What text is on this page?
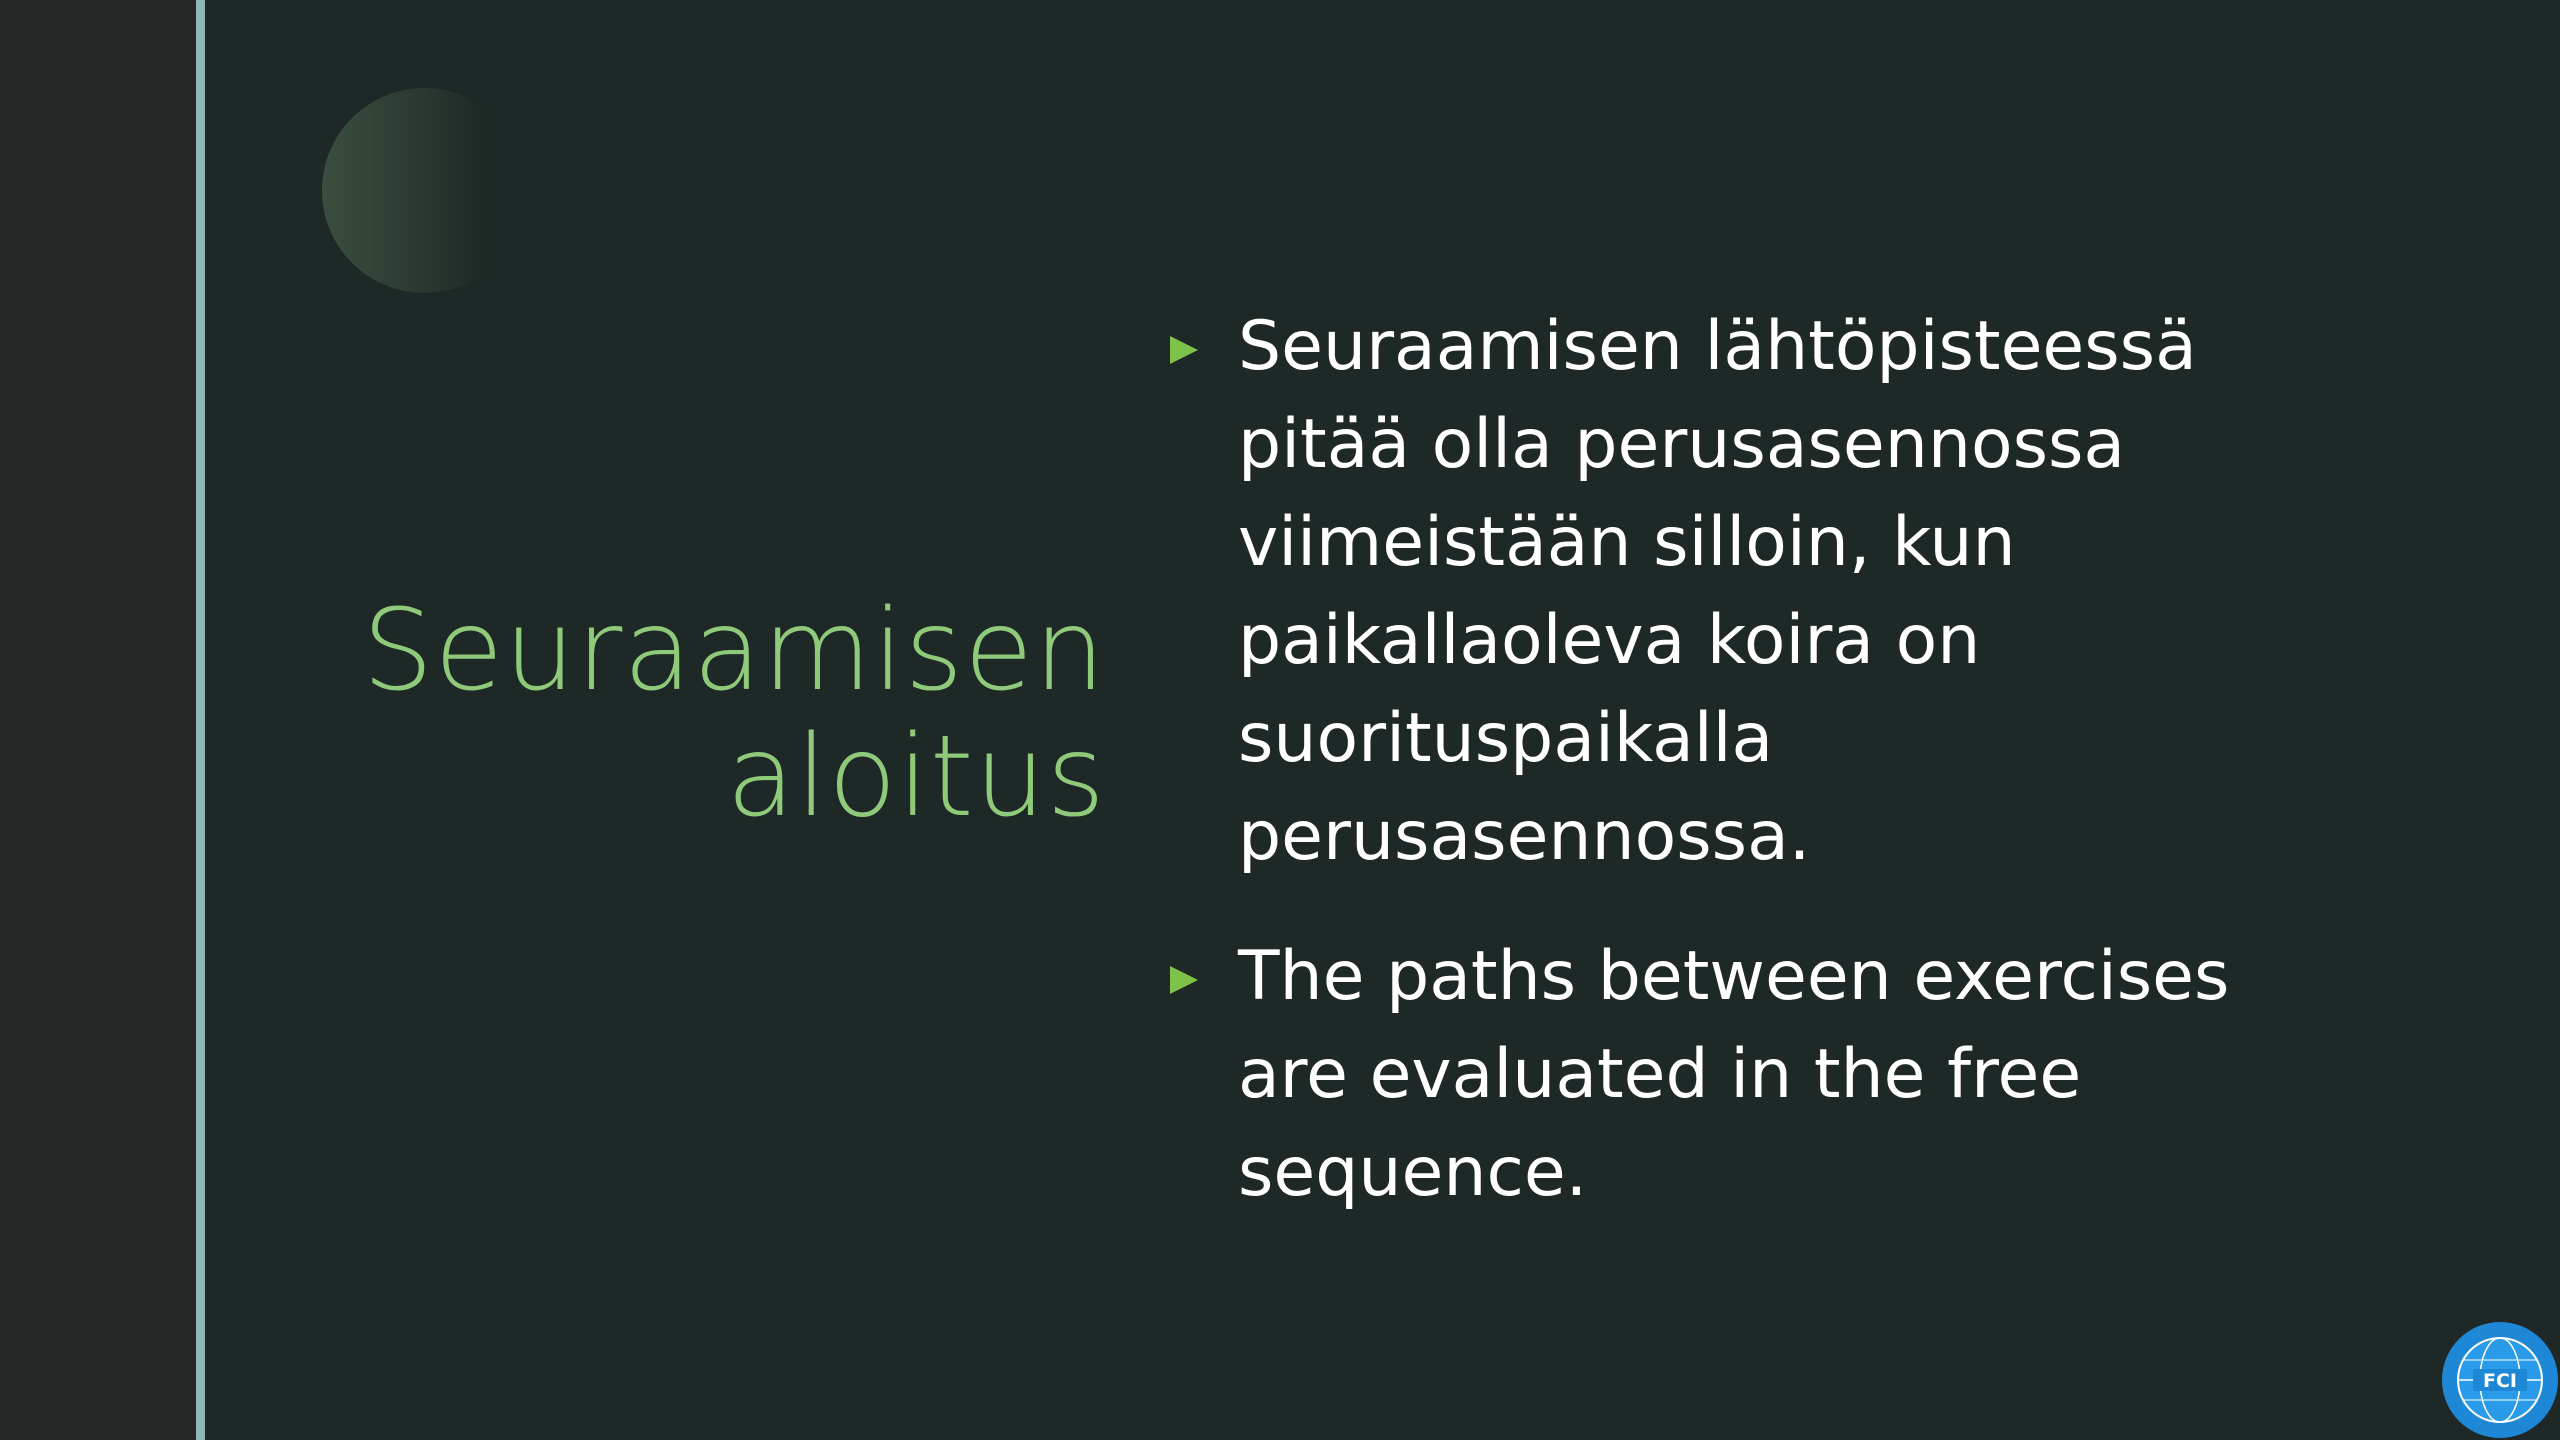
Seuraamisen
aloitus
Seuraamisen lähtöpisteessä pitää olla perusasennossa viimeistään silloin, kun paikallaoleva koira on suorituspaikalla perusasennossa.
The paths between exercises are evaluated in the free sequence.
FCI
